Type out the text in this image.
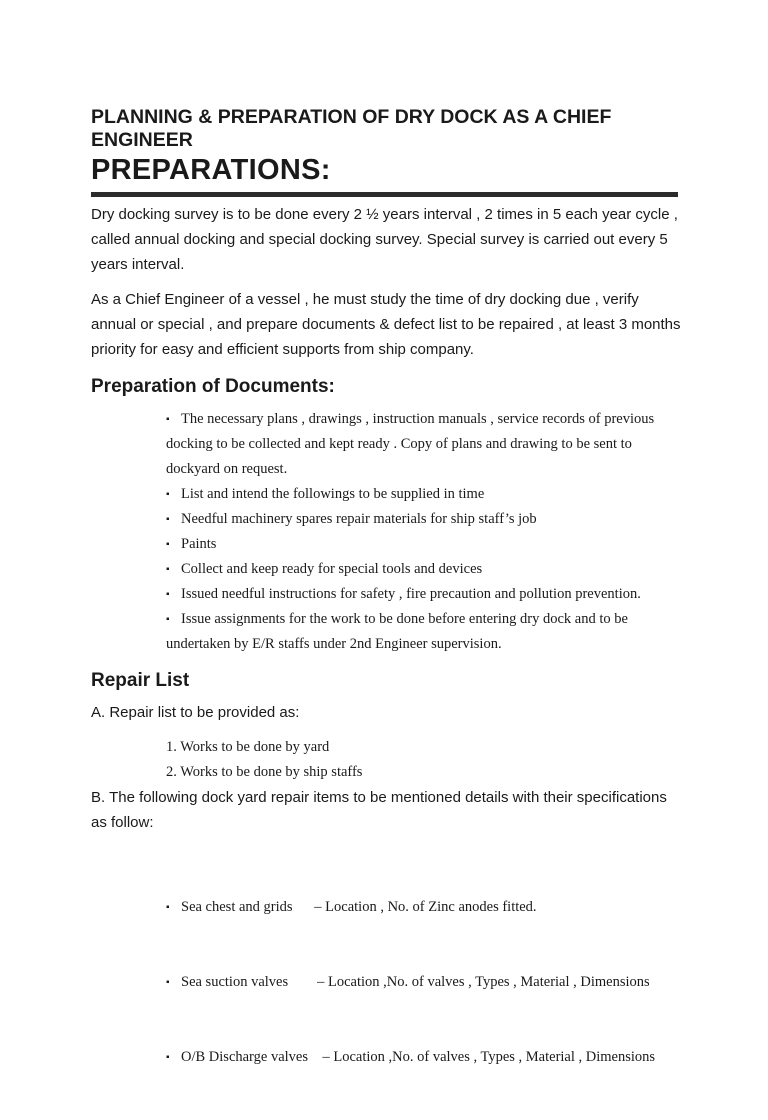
PLANNING & PREPARATION OF DRY DOCK AS A CHIEF ENGINEER
PREPARATIONS:

Dry docking survey is to be done every 2 ½ years interval , 2 times in 5 each year cycle , called annual docking and special docking survey. Special survey is carried out every 5 years interval.

As a Chief Engineer of a vessel , he must study the time of dry docking due , verify annual or special , and prepare documents & defect list to be repaired , at least 3 months priority for easy and efficient supports from ship company.

Preparation of Documents:
▪ The necessary plans , drawings , instruction manuals , service records of previous docking to be collected and kept ready . Copy of plans and drawing to be sent to dockyard on request.
▪ List and intend the followings to be supplied in time
▪ Needful machinery spares repair materials for ship staff’s job
▪ Paints
▪ Collect and keep ready for special tools and devices
▪ Issued needful instructions for safety , fire precaution and pollution prevention.
▪ Issue assignments for the work to be done before entering dry dock and to be undertaken by E/R staffs under 2nd Engineer supervision.
Repair List

A. Repair list to be provided as:

1. Works to be done by yard
2. Works to be done by ship staffs

B. The following dock yard repair items to be mentioned details with their specifications as follow:

▪ Sea chest and grids      – Location , No. of Zinc anodes fitted.

▪ Sea suction valves        – Location ,No. of valves , Types , Material , Dimensions

▪ O/B Discharge valves    – Location ,No. of valves , Types , Material , Dimensions
